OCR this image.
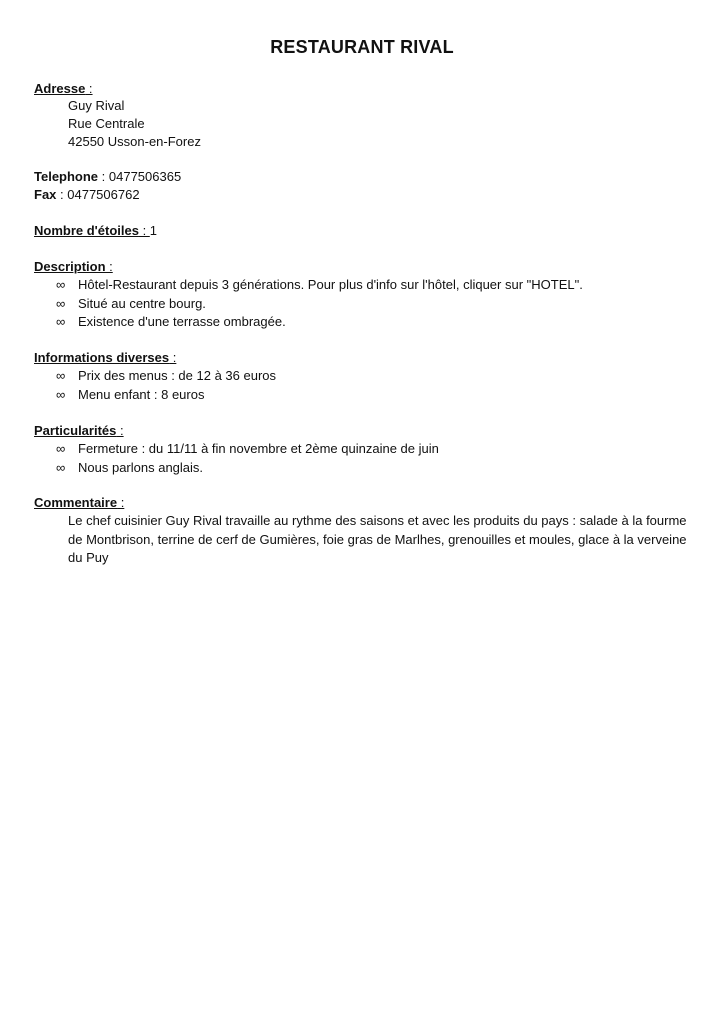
RESTAURANT RIVAL
Adresse :
Guy Rival
Rue Centrale
42550 Usson-en-Forez
Telephone : 0477506365
Fax : 0477506762
Nombre d'étoiles : 1
Description :
∞ Hôtel-Restaurant depuis 3 générations. Pour plus d'info sur l'hôtel, cliquer sur "HOTEL".
∞ Situé au centre bourg.
∞ Existence d'une terrasse ombragée.
Informations diverses :
∞ Prix des menus : de 12 à 36 euros
∞ Menu enfant : 8 euros
Particularités :
∞ Fermeture : du 11/11 à fin novembre et 2ème quinzaine de juin
∞ Nous parlons anglais.
Commentaire :
Le chef cuisinier Guy Rival travaille au rythme des saisons et avec les produits du pays : salade à la fourme de Montbrison, terrine de cerf de Gumières, foie gras de Marlhes, grenouilles et moules, glace à la verveine du Puy
